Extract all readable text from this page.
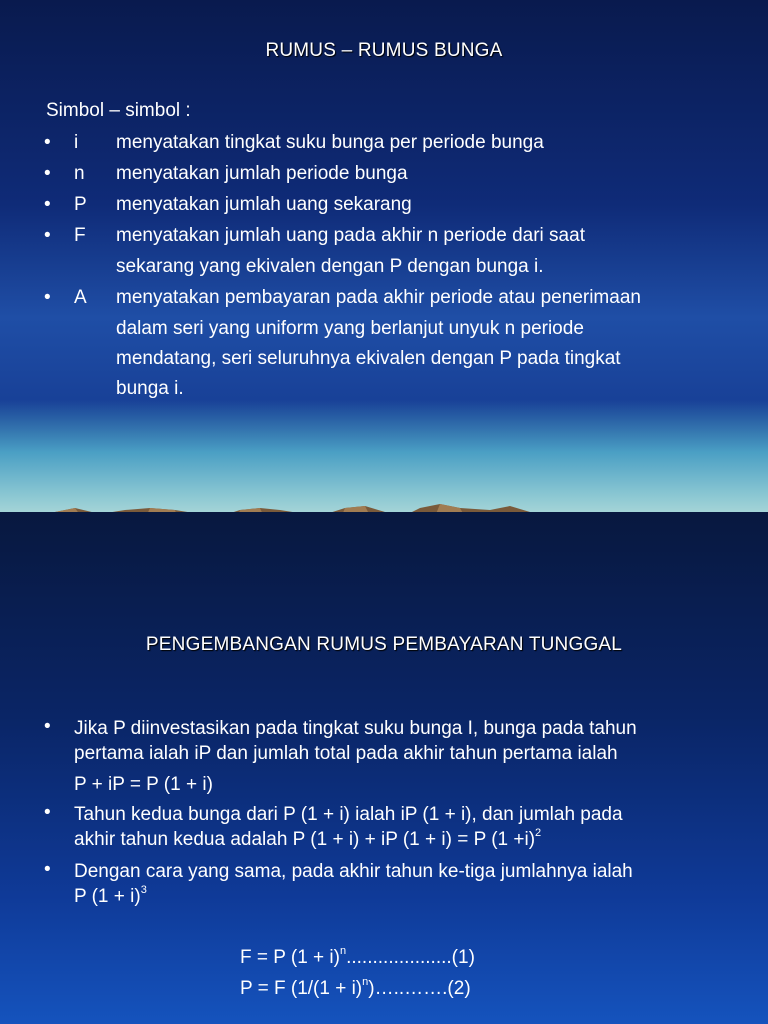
RUMUS – RUMUS BUNGA
Simbol – simbol :
• i menyatakan tingkat suku bunga per periode bunga
• n menyatakan jumlah periode bunga
• P menyatakan jumlah uang sekarang
• F menyatakan jumlah uang pada akhir n periode dari saat
sekarang yang ekivalen dengan P dengan bunga i.
• A menyatakan pembayaran pada akhir periode atau penerimaan
dalam seri yang uniform yang berlanjut unyuk n periode
mendatang, seri seluruhnya ekivalen dengan P pada tingkat
bunga i.
PENGEMBANGAN RUMUS PEMBAYARAN TUNGGAL
• Jika P diinvestasikan pada tingkat suku bunga I, bunga pada tahun
pertama ialah iP dan jumlah total pada akhir tahun pertama ialah
P + iP = P (1 + i)
• Tahun kedua bunga dari P (1 + i) ialah iP (1 + i), dan jumlah pada
akhir tahun kedua adalah P (1 + i) + iP (1 + i) = P $(1 +i)^2$
• Dengan cara yang sama, pada akhir tahun ke-tiga jumlahnya ialah
P $(1 + i)^3$
F = P $(1 + i)^n....................(1)$
P = F $(1/(1 + i)^n)\dots..\dots\dots.(2)$
